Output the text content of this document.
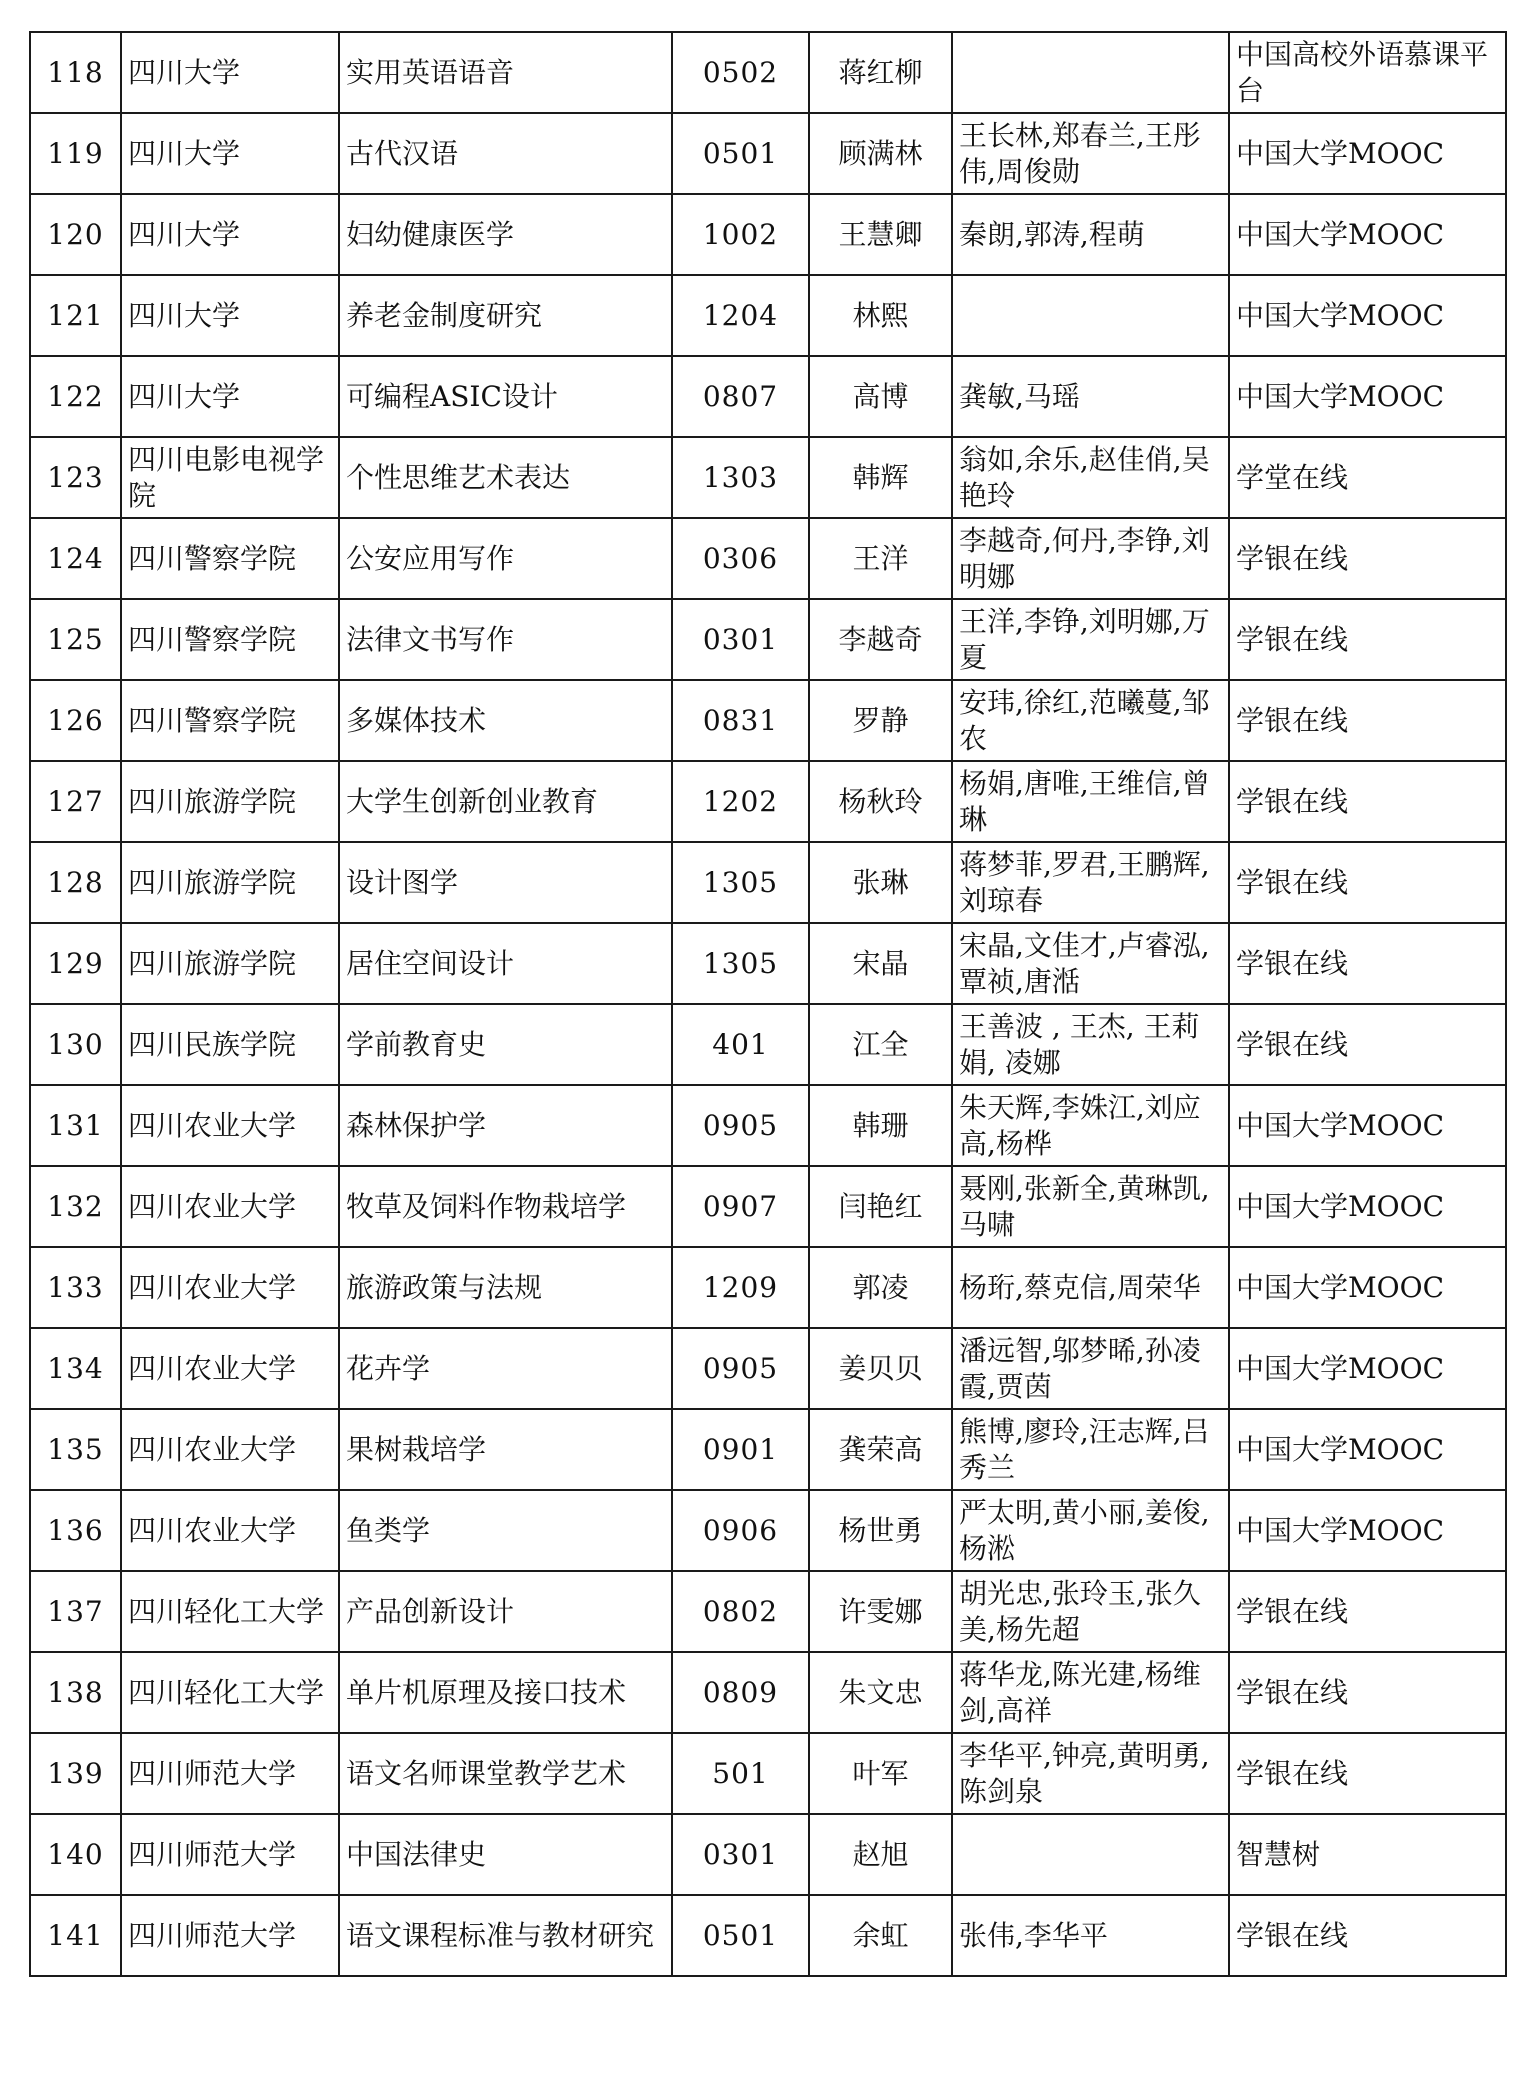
118	四川大学	实用英语语音	0502	蒋红柳		中国高校外语慕课平台
119	四川大学	古代汉语	0501	顾满林	王长林,郑春兰,王彤伟,周俊勋	中国大学MOOC
120	四川大学	妇幼健康医学	1002	王慧卿	秦朗,郭涛,程萌	中国大学MOOC
121	四川大学	养老金制度研究	1204	林熙		中国大学MOOC
122	四川大学	可编程ASIC设计	0807	高博	龚敏,马瑶	中国大学MOOC
123	四川电影电视学院	个性思维艺术表达	1303	韩辉	翁如,余乐,赵佳俏,吴艳玲	学堂在线
124	四川警察学院	公安应用写作	0306	王洋	李越奇,何丹,李铮,刘明娜	学银在线
125	四川警察学院	法律文书写作	0301	李越奇	王洋,李铮,刘明娜,万夏	学银在线
126	四川警察学院	多媒体技术	0831	罗静	安玮,徐红,范曦蔓,邹农	学银在线
127	四川旅游学院	大学生创新创业教育	1202	杨秋玲	杨娟,唐唯,王维信,曾琳	学银在线
128	四川旅游学院	设计图学	1305	张琳	蒋梦菲,罗君,王鹏辉,刘琼春	学银在线
129	四川旅游学院	居住空间设计	1305	宋晶	宋晶,文佳才,卢睿泓,覃祯,唐湉	学银在线
130	四川民族学院	学前教育史	401	江全	王善波 , 王杰, 王莉娟, 凌娜	学银在线
131	四川农业大学	森林保护学	0905	韩珊	朱天辉,李姝江,刘应高,杨桦	中国大学MOOC
132	四川农业大学	牧草及饲料作物栽培学	0907	闫艳红	聂刚,张新全,黄琳凯,马啸	中国大学MOOC
133	四川农业大学	旅游政策与法规	1209	郭凌	杨珩,蔡克信,周荣华	中国大学MOOC
134	四川农业大学	花卉学	0905	姜贝贝	潘远智,邬梦晞,孙凌霞,贾茵	中国大学MOOC
135	四川农业大学	果树栽培学	0901	龚荣高	熊博,廖玲,汪志辉,吕秀兰	中国大学MOOC
136	四川农业大学	鱼类学	0906	杨世勇	严太明,黄小丽,姜俊,杨淞	中国大学MOOC
137	四川轻化工大学	产品创新设计	0802	许雯娜	胡光忠,张玲玉,张久美,杨先超	学银在线
138	四川轻化工大学	单片机原理及接口技术	0809	朱文忠	蒋华龙,陈光建,杨维剑,高祥	学银在线
139	四川师范大学	语文名师课堂教学艺术	501	叶军	李华平,钟亮,黄明勇,陈剑泉	学银在线
140	四川师范大学	中国法律史	0301	赵旭		智慧树
141	四川师范大学	语文课程标准与教材研究	0501	余虹	张伟,李华平	学银在线
